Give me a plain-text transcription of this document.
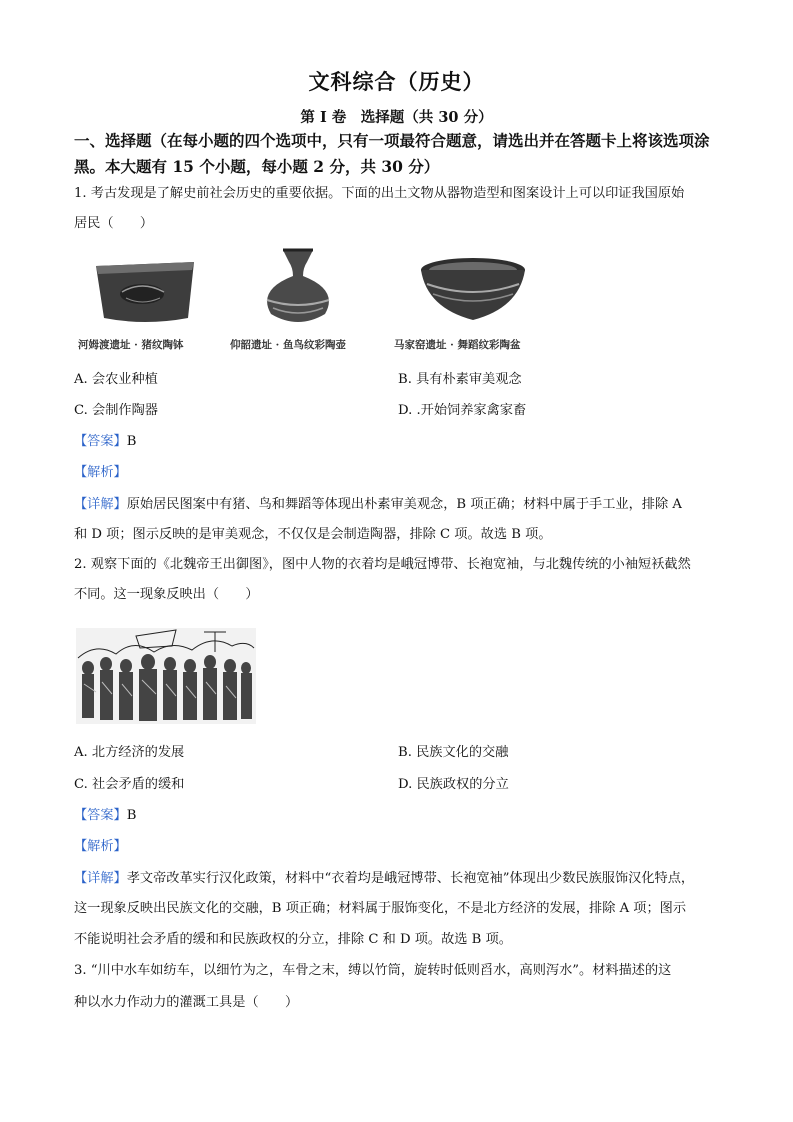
文科综合（历史）
第 I 卷　选择题（共 30 分）
一、选择题（在每小题的四个选项中，只有一项最符合题意，请选出并在答题卡上将该选项涂黑。本大题有 15 个小题，每小题 2 分，共 30 分）
1. 考古发现是了解史前社会历史的重要依据。下面的出土文物从器物造型和图案设计上可以印证我国原始
居民（　　）
河姆渡遗址 · 猪纹陶钵	仰韶遗址 · 鱼鸟纹彩陶壶	马家窑遗址 · 舞蹈纹彩陶盆
A. 会农业种植	B. 具有朴素审美观念
C. 会制作陶器	D. .开始饲养家禽家畜
【答案】B
【解析】
【详解】原始居民图案中有猪、鸟和舞蹈等体现出朴素审美观念，B 项正确；材料中属于手工业，排除 A
和 D 项；图示反映的是审美观念，不仅仅是会制造陶器，排除 C 项。故选 B 项。
2. 观察下面的《北魏帝王出御图》，图中人物的衣着均是峨冠博带、长袍宽袖，与北魏传统的小袖短袄截然
不同。这一现象反映出（　　）
A. 北方经济的发展	B. 民族文化的交融
C. 社会矛盾的缓和	D. 民族政权的分立
【答案】B
【解析】
【详解】孝文帝改革实行汉化政策，材料中“衣着均是峨冠博带、长袍宽袖”体现出少数民族服饰汉化特点，
这一现象反映出民族文化的交融，B 项正确；材料属于服饰变化，不是北方经济的发展，排除 A 项；图示
不能说明社会矛盾的缓和和民族政权的分立，排除 C 和 D 项。故选 B 项。
3. “川中水车如纺车，以细竹为之，车骨之末，缚以竹筒，旋转时低则舀水，高则泻水”。材料描述的这
种以水力作动力的灌溉工具是（　　）
